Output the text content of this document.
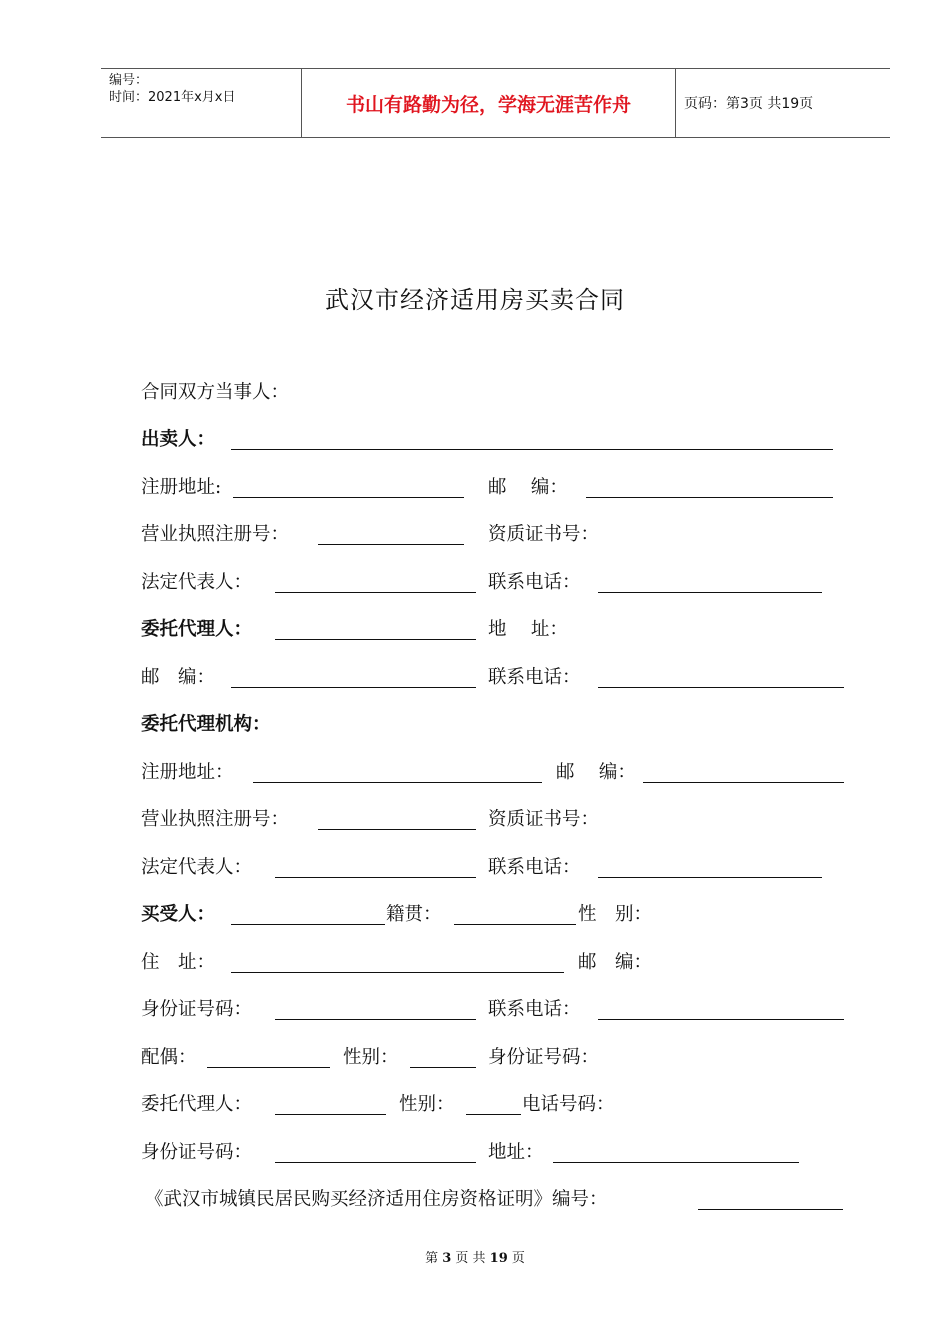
编号：
时间：2021年x月x日	书山有路勤为径，学海无涯苦作舟	页码：第3页 共19页
武汉市经济适用房买卖合同
合同双方当事人：
出卖人：
注册地址:	邮　 编：
营业执照注册号：	资质证书号：
法定代表人：	联系电话：
委托代理人：	地　 址：
邮　编：	联系电话：
委托代理机构：
注册地址：	邮　 编：
营业执照注册号：	资质证书号：
法定代表人：	联系电话：
买受人：	籍贯：	性　别：
住　址：	邮　编：
身份证号码：	联系电话：
配偶：	性别：	身份证号码：
委托代理人：	性别：	电话号码：
身份证号码：	地址：
《武汉市城镇民居民购买经济适用住房资格证明》编号：
第 3 页 共 19 页
